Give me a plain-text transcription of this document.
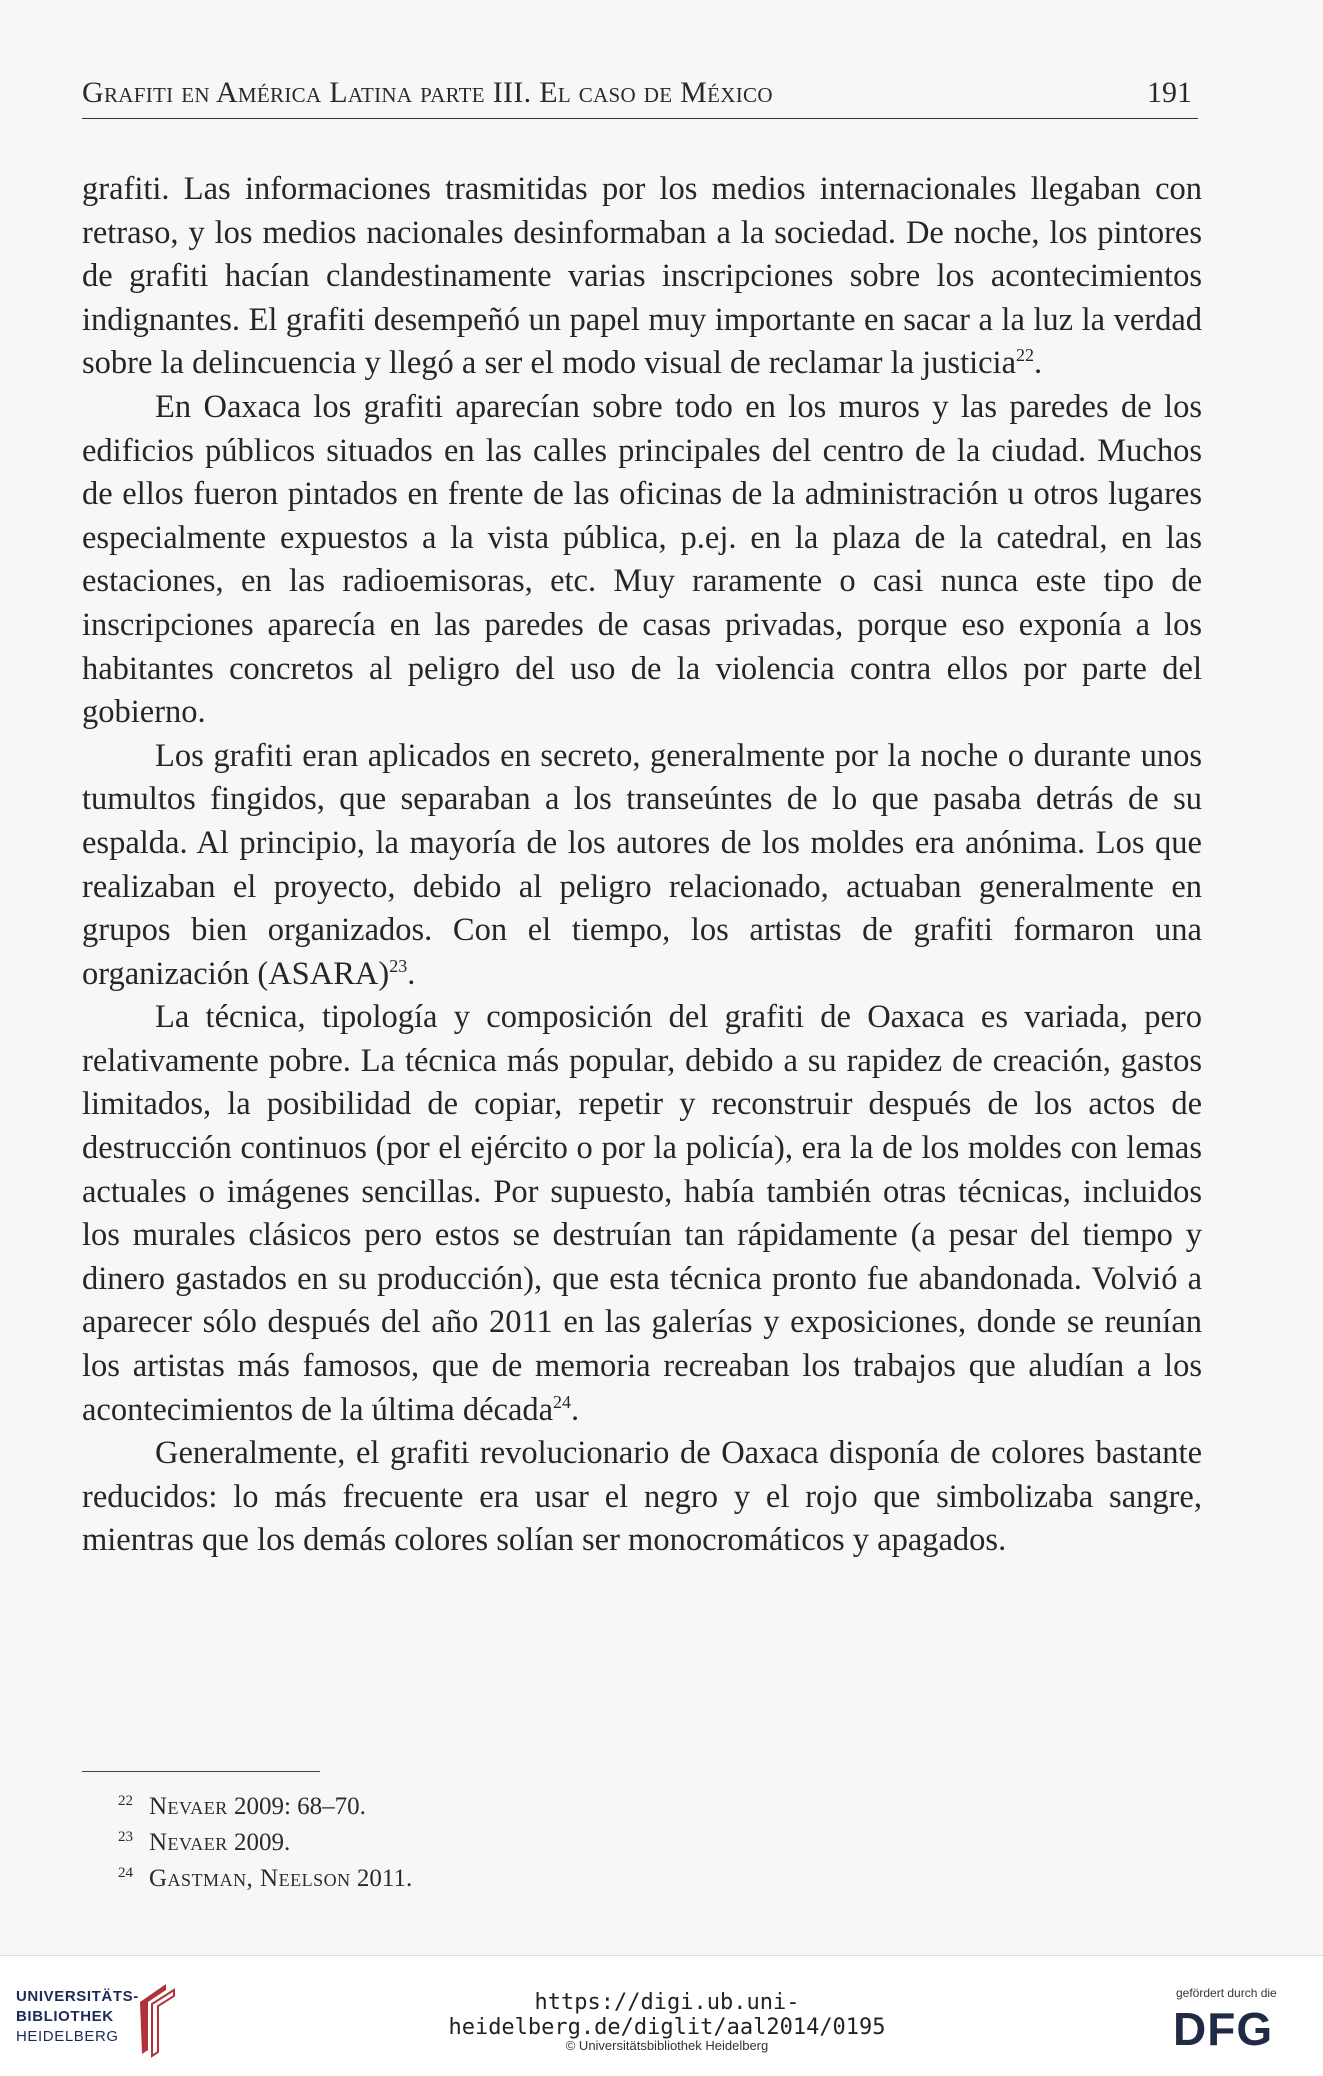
Grafiti en América Latina parte III. El caso de México	191

grafiti. Las informaciones trasmitidas por los medios internacionales llegaban con retraso, y los medios nacionales desinformaban a la sociedad. De noche, los pintores de grafiti hacían clandestinamente varias inscripciones sobre los acontecimientos indignantes. El grafiti desempeñó un papel muy importante en sacar a la luz la verdad sobre la delincuencia y llegó a ser el modo visual de reclamar la justicia$^{22}$.

En Oaxaca los grafiti aparecían sobre todo en los muros y las paredes de los edificios públicos situados en las calles principales del centro de la ciudad. Muchos de ellos fueron pintados en frente de las oficinas de la administración u otros lugares especialmente expuestos a la vista pública, p.ej. en la plaza de la catedral, en las estaciones, en las radioemisoras, etc. Muy raramente o casi nunca este tipo de inscripciones aparecía en las paredes de casas privadas, porque eso exponía a los habitantes concretos al peligro del uso de la violencia contra ellos por parte del gobierno.

Los grafiti eran aplicados en secreto, generalmente por la noche o durante unos tumultos fingidos, que separaban a los transeúntes de lo que pasaba detrás de su espalda. Al principio, la mayoría de los autores de los moldes era anónima. Los que realizaban el proyecto, debido al peligro relacionado, actuaban generalmente en grupos bien organizados. Con el tiempo, los artistas de grafiti formaron una organización (ASARA)$^{23}$.

La técnica, tipología y composición del grafiti de Oaxaca es variada, pero relativamente pobre. La técnica más popular, debido a su rapidez de creación, gastos limitados, la posibilidad de copiar, repetir y reconstruir después de los actos de destrucción continuos (por el ejército o por la policía), era la de los moldes con lemas actuales o imágenes sencillas. Por supuesto, había también otras técnicas, incluidos los murales clásicos pero estos se destruían tan rápidamente (a pesar del tiempo y dinero gastados en su producción), que esta técnica pronto fue abandonada. Volvió a aparecer sólo después del año 2011 en las galerías y exposiciones, donde se reunían los artistas más famosos, que de memoria recreaban los trabajos que aludían a los acontecimientos de la última década$^{24}$.

Generalmente, el grafiti revolucionario de Oaxaca disponía de colores bastante reducidos: lo más frecuente era usar el negro y el rojo que simbolizaba sangre, mientras que los demás colores solían ser monocromáticos y apagados.

$^{22}$ Nevaer 2009: 68–70.
$^{23}$ Nevaer 2009.
$^{24}$ Gastman, Neelson 2011.
UNIVERSITÄTS-
BIBLIOTHEK
HEIDELBERG
https://digi.ub.uni-heidelberg.de/diglit/aal2014/0195
© Universitätsbibliothek Heidelberg
gefördert durch die
DFG
